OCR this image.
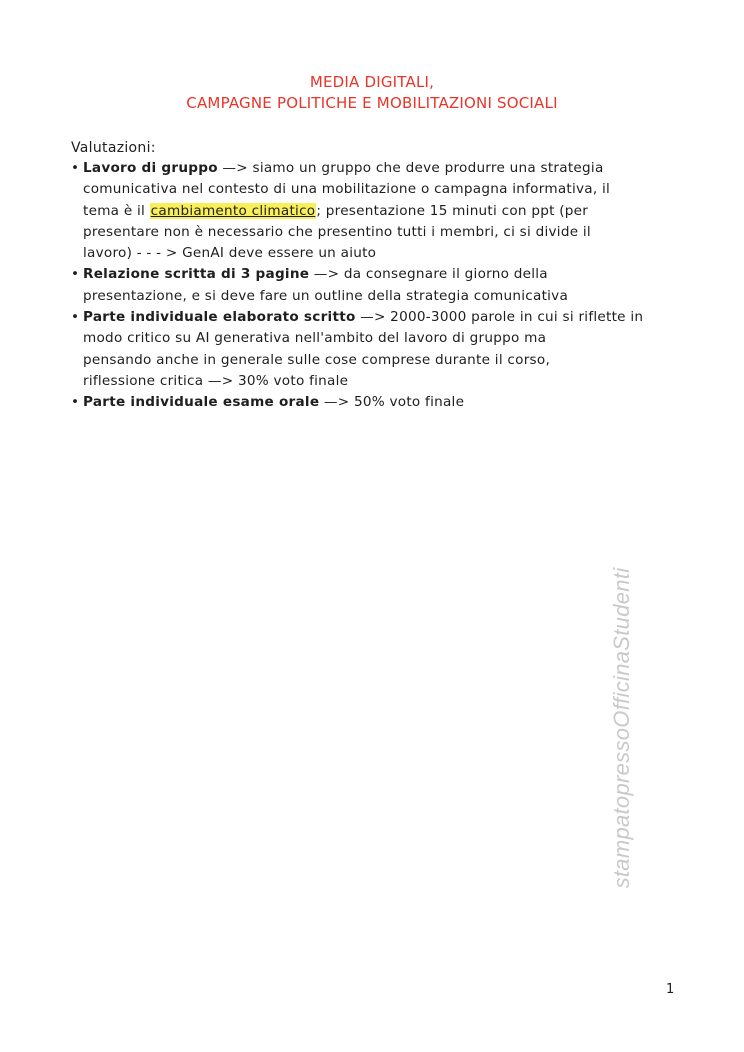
MEDIA DIGITALI,
CAMPAGNE POLITICHE E MOBILITAZIONI SOCIALI
Valutazioni:
• Lavoro di gruppo —> siamo un gruppo che deve produrre una strategia
comunicativa nel contesto di una mobilitazione o campagna informativa, il
tema è il cambiamento climatico; presentazione 15 minuti con ppt (per
presentare non è necessario che presentino tutti i membri, ci si divide il
lavoro) - - - > GenAI deve essere un aiuto
• Relazione scritta di 3 pagine —> da consegnare il giorno della
presentazione, e si deve fare un outline della strategia comunicativa
• Parte individuale elaborato scritto —> 2000-3000 parole in cui si riflette in
modo critico su AI generativa nell'ambito del lavoro di gruppo ma
pensando anche in generale sulle cose comprese durante il corso,
riflessione critica —> 30% voto finale
• Parte individuale esame orale —> 50% voto finale
stampatopressoOfficinaStudenti
1
